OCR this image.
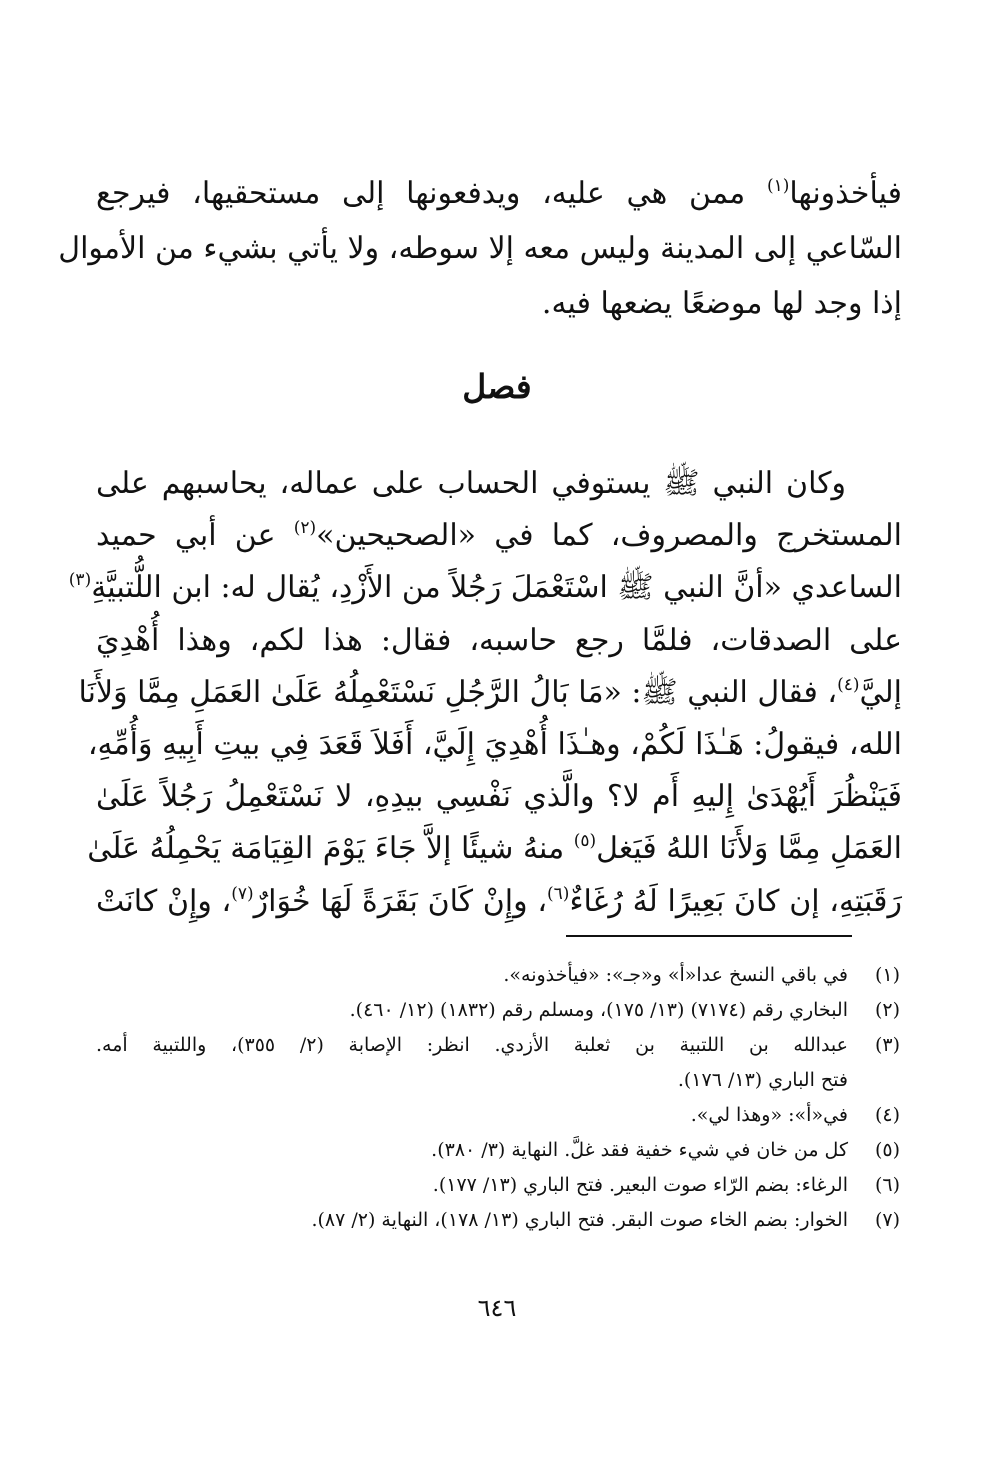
فيأخذونها$^{(١)}$ ممن هي عليه، ويدفعونها إلى مستحقيها، فيرجع
السّاعي إلى المدينة وليس معه إلا سوطه، ولا يأتي بشيء من الأموال
إذا وجد لها موضعًا يضعها فيه.
فصل
وكان النبي ﷺ يستوفي الحساب على عماله، يحاسبهم على
المستخرج والمصروف، كما في «الصحيحين»$^{(٢)}$ عن أبي حميد
الساعدي «أنَّ النبي ﷺ اسْتَعْمَلَ رَجُلاً من الأَزْدِ، يُقال له: ابن اللُّتبيَّةِ$^{(٣)}$
على الصدقات، فلمَّا رجع حاسبه، فقال: هذا لكم، وهذا أُهْدِيَ
إليَّ$^{(٤)}$، فقال النبي ﷺ: «مَا بَالُ الرَّجُلِ نَسْتَعْمِلُهُ عَلَىٰ العَمَلِ مِمَّا وَلأَنَا
الله، فيقولُ: هَـٰذَا لَكُمْ، وهـٰذَا أُهْدِيَ إِلَيَّ، أَفَلاَ قَعَدَ فِي بيتِ أَبِيهِ وَأُمِّهِ،
فَيَنْظُرَ أَيُهْدَىٰ إِليهِ أَم لا؟ والَّذي نَفْسِي بيدِهِ، لا نَسْتَعْمِلُ رَجُلاً عَلَىٰ
العَمَلِ مِمَّا وَلأَنَا اللهُ فَيَغل$^{(٥)}$ منهُ شيئًا إلاَّ جَاءَ يَوْمَ القِيَامَة يَحْمِلُهُ عَلَىٰ
رَقَبَتِهِ، إن كانَ بَعِيرًا لَهُ رُغَاءٌ$^{(٦)}$، وإِنْ كَانَ بَقَرَةً لَهَا خُوَارٌ$^{(٧)}$، وإِنْ كانَتْ
(١)
في باقي النسخ عدا«أ» و«جـ»: «فيأخذونه».
(٢)
البخاري رقم (٧١٧٤) (١٣/ ١٧٥)، ومسلم رقم (١٨٣٢) (١٢/ ٤٦٠).
(٣)
عبدالله بن اللتبية بن ثعلبة الأزدي. انظر: الإصابة (٢/ ٣٥٥)، واللتبية أمه.
فتح الباري (١٣/ ١٧٦).
(٤)
في«أ»: «وهذا لي».
(٥)
كل من خان في شيء خفية فقد غلَّ. النهاية (٣/ ٣٨٠).
(٦)
الرغاء: بضم الرّاء صوت البعير. فتح الباري (١٣/ ١٧٧).
(٧)
الخوار: بضم الخاء صوت البقر. فتح الباري (١٣/ ١٧٨)، النهاية (٢/ ٨٧).
٦٤٦
